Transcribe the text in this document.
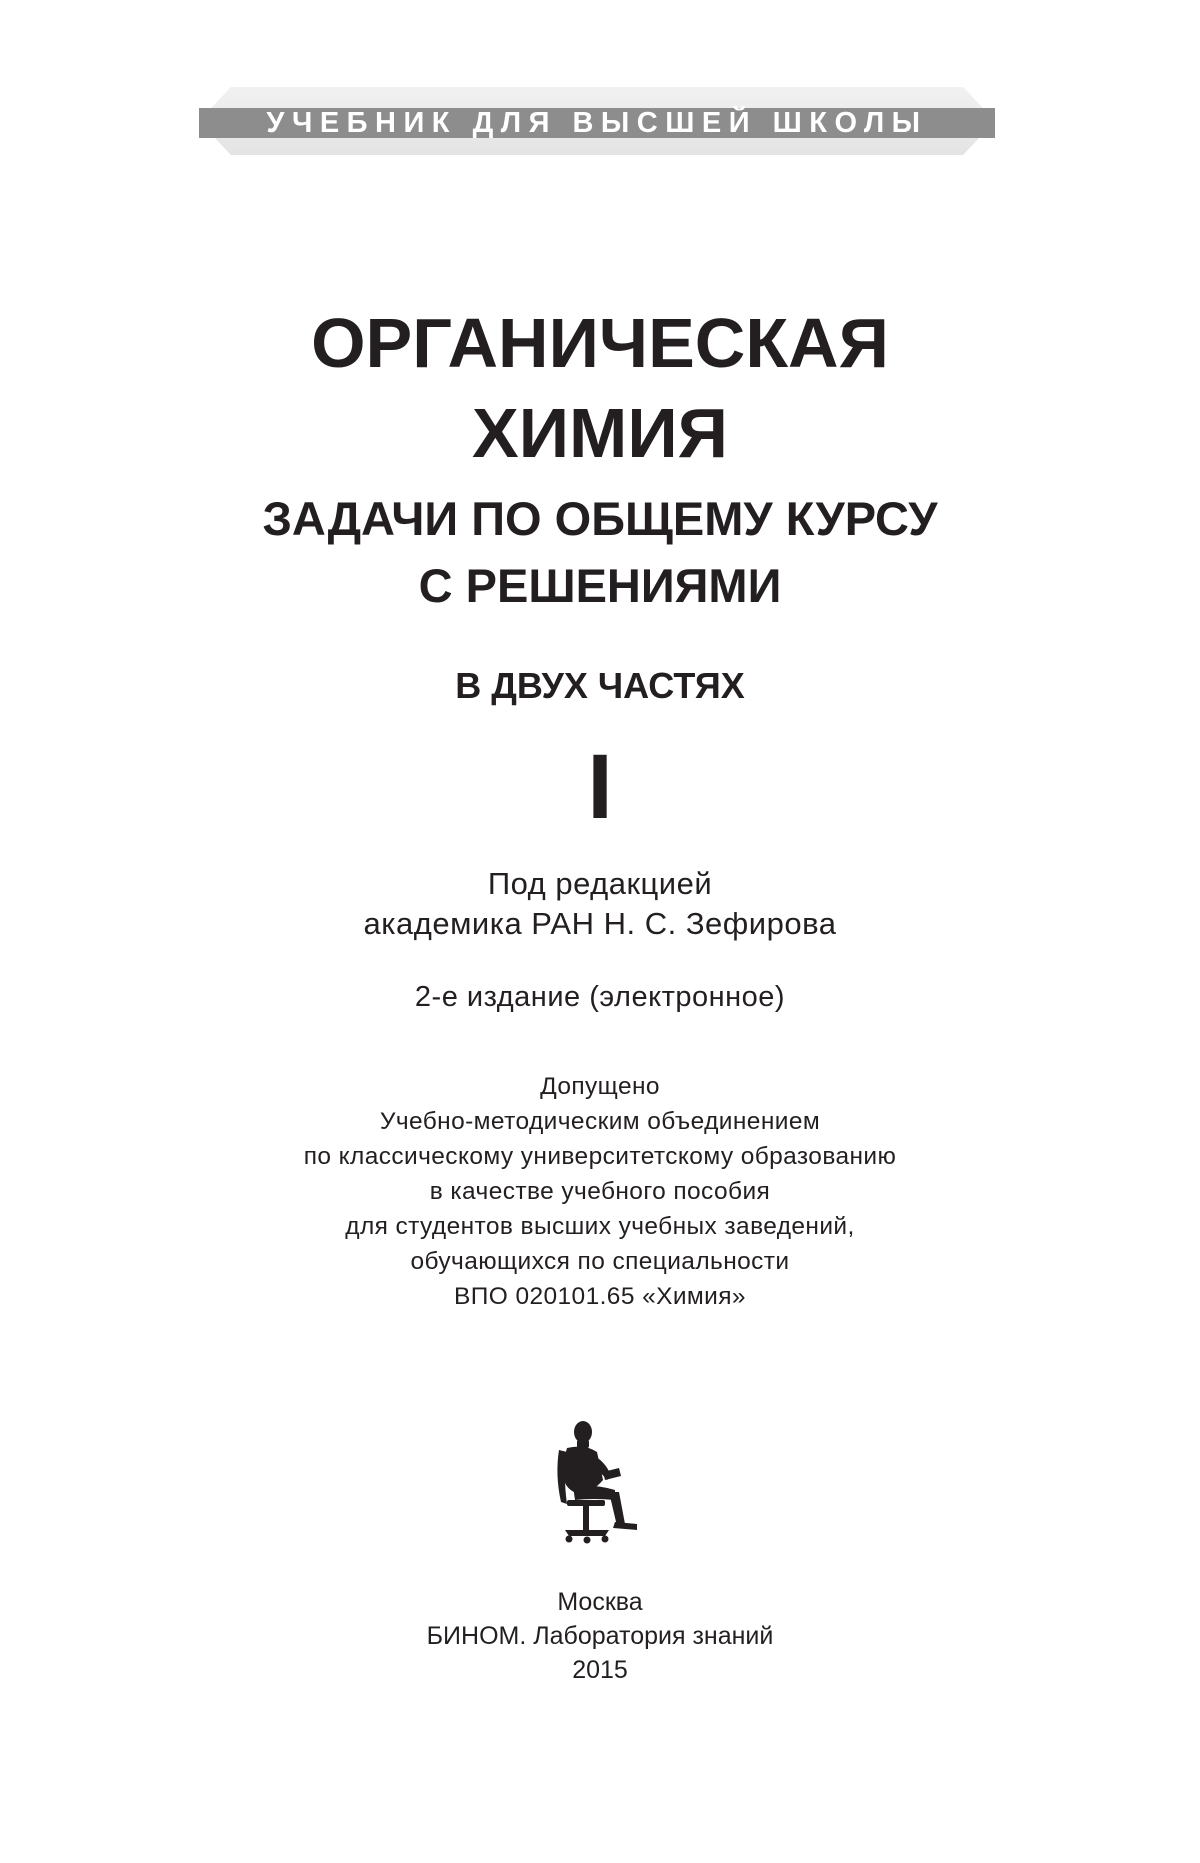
УЧЕБНИК ДЛЯ ВЫСШЕЙ ШКОЛЫ
ОРГАНИЧЕСКАЯ
ХИМИЯ
ЗАДАЧИ ПО ОБЩЕМУ КУРСУ
С РЕШЕНИЯМИ
В ДВУХ ЧАСТЯХ
I
Под редакцией
академика РАН Н. С. Зефирова
2-е издание (электронное)
Допущено
Учебно-методическим объединением
по классическому университетскому образованию
в качестве учебного пособия
для студентов высших учебных заведений,
обучающихся по специальности
ВПО 020101.65 «Химия»
Москва
БИНОМ. Лаборатория знаний
2015
